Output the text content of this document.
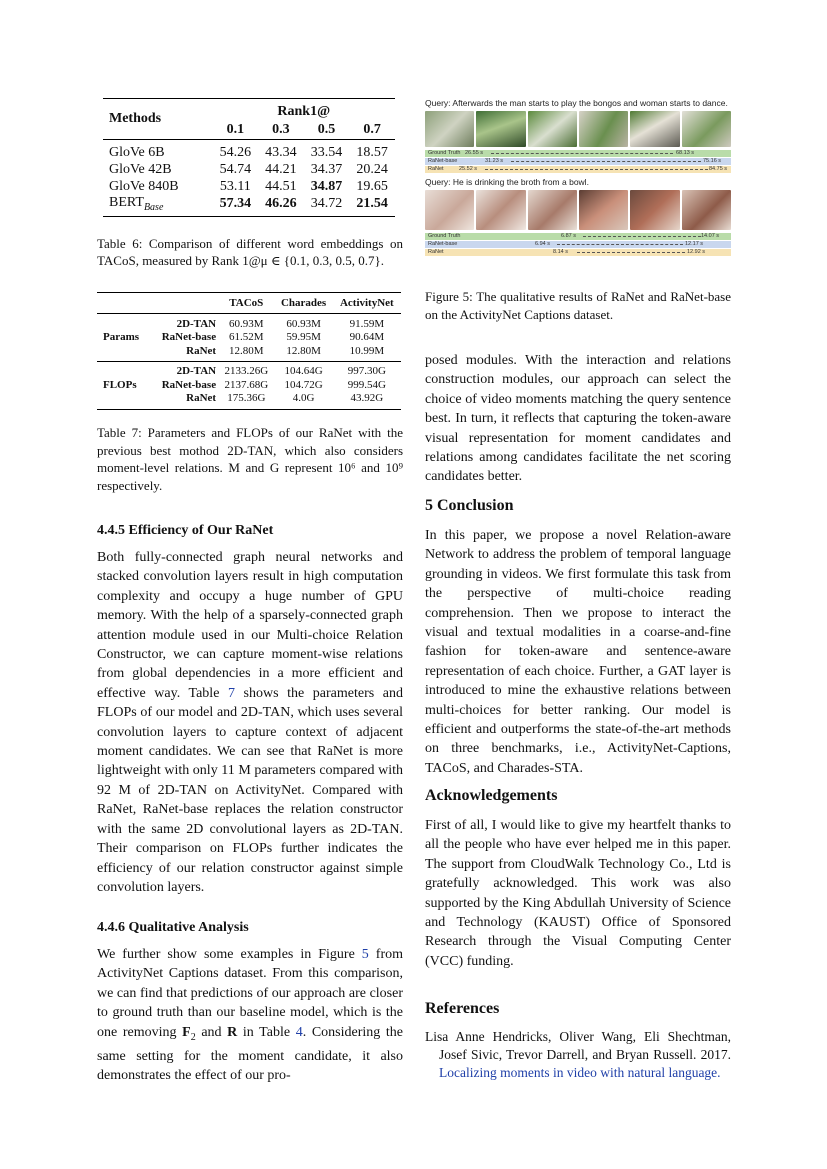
Methods	Rank1@			
	0.1	0.3	0.5	0.7
GloVe 6B	54.26	43.34	33.54	18.57
GloVe 42B	54.74	44.21	34.37	20.24
GloVe 840B	53.11	44.51	34.87	19.65
$BERT_{Base}$	57.34	46.26	34.72	21.54

Table 6: Comparison of different word embeddings on TACoS, measured by Rank 1@μ ∈ {0.1, 0.3, 0.5, 0.7}.

		TACoS	Charades	ActivityNet
Params	2D-TAN	60.93M	60.93M	91.59M
	RaNet-base	61.52M	59.95M	90.64M
	RaNet	12.80M	12.80M	10.99M
FLOPs	2D-TAN	2133.26G	104.64G	997.30G
	RaNet-base	2137.68G	104.72G	999.54G
	RaNet	175.36G	4.0G	43.92G

Table 7: Parameters and FLOPs of our RaNet with the previous best mothod 2D-TAN, which also considers moment-level relations. M and G represent 10⁶ and 10⁹ respectively.

4.4.5 Efficiency of Our RaNet

Both fully-connected graph neural networks and stacked convolution layers result in high computation complexity and occupy a huge number of GPU memory. With the help of a sparsely-connected graph attention module used in our Multi-choice Relation Constructor, we can capture moment-wise relations from global dependencies in a more efficient and effective way. Table 7 shows the parameters and FLOPs of our model and 2D-TAN, which uses several convolution layers to capture context of adjacent moment candidates. We can see that RaNet is more lightweight with only 11 M parameters compared with 92 M of 2D-TAN on ActivityNet. Compared with RaNet, RaNet-base replaces the relation constructor with the same 2D convolutional layers as 2D-TAN. Their comparison on FLOPs further indicates the efficiency of our relation constructor against simple convolution layers.

4.4.6 Qualitative Analysis

We further show some examples in Figure 5 from ActivityNet Captions dataset. From this comparison, we can find that predictions of our approach are closer to ground truth than our baseline model, which is the one removing $F_2$ and R in Table 4. Considering the same setting for the moment candidate, it also demonstrates the effect of our pro-

Query: Afterwards the man starts to play the bongos and woman starts to dance.
Ground Truth 26.55 s	68.13 s
RaNet-base	31.23 s	75.16 s
RaNet	25.52 s	84.75 s
Query: He is drinking the broth from a bowl.
Ground Truth	6.87 s	14.07 s
RaNet-base	6.94 s	12.17 s
RaNet	8.14 s	12.92 s

Figure 5: The qualitative results of RaNet and RaNet-base on the ActivityNet Captions dataset.

posed modules. With the interaction and relations construction modules, our approach can select the choice of video moments matching the query sentence best. In turn, it reflects that capturing the token-aware visual representation for moment candidates and relations among candidates facilitate the net scoring candidates better.

5 Conclusion

In this paper, we propose a novel Relation-aware Network to address the problem of temporal language grounding in videos. We first formulate this task from the perspective of multi-choice reading comprehension. Then we propose to interact the visual and textual modalities in a coarse-and-fine fashion for token-aware and sentence-aware representation of each choice. Further, a GAT layer is introduced to mine the exhaustive relations between multi-choices for better ranking. Our model is efficient and outperforms the state-of-the-art methods on three benchmarks, i.e., ActivityNet-Captions, TACoS, and Charades-STA.

Acknowledgements

First of all, I would like to give my heartfelt thanks to all the people who have ever helped me in this paper. The support from CloudWalk Technology Co., Ltd is gratefully acknowledged. This work was also supported by the King Abdullah University of Science and Technology (KAUST) Office of Sponsored Research through the Visual Computing Center (VCC) funding.

References

Lisa Anne Hendricks, Oliver Wang, Eli Shechtman, Josef Sivic, Trevor Darrell, and Bryan Russell. 2017. Localizing moments in video with natural language.
